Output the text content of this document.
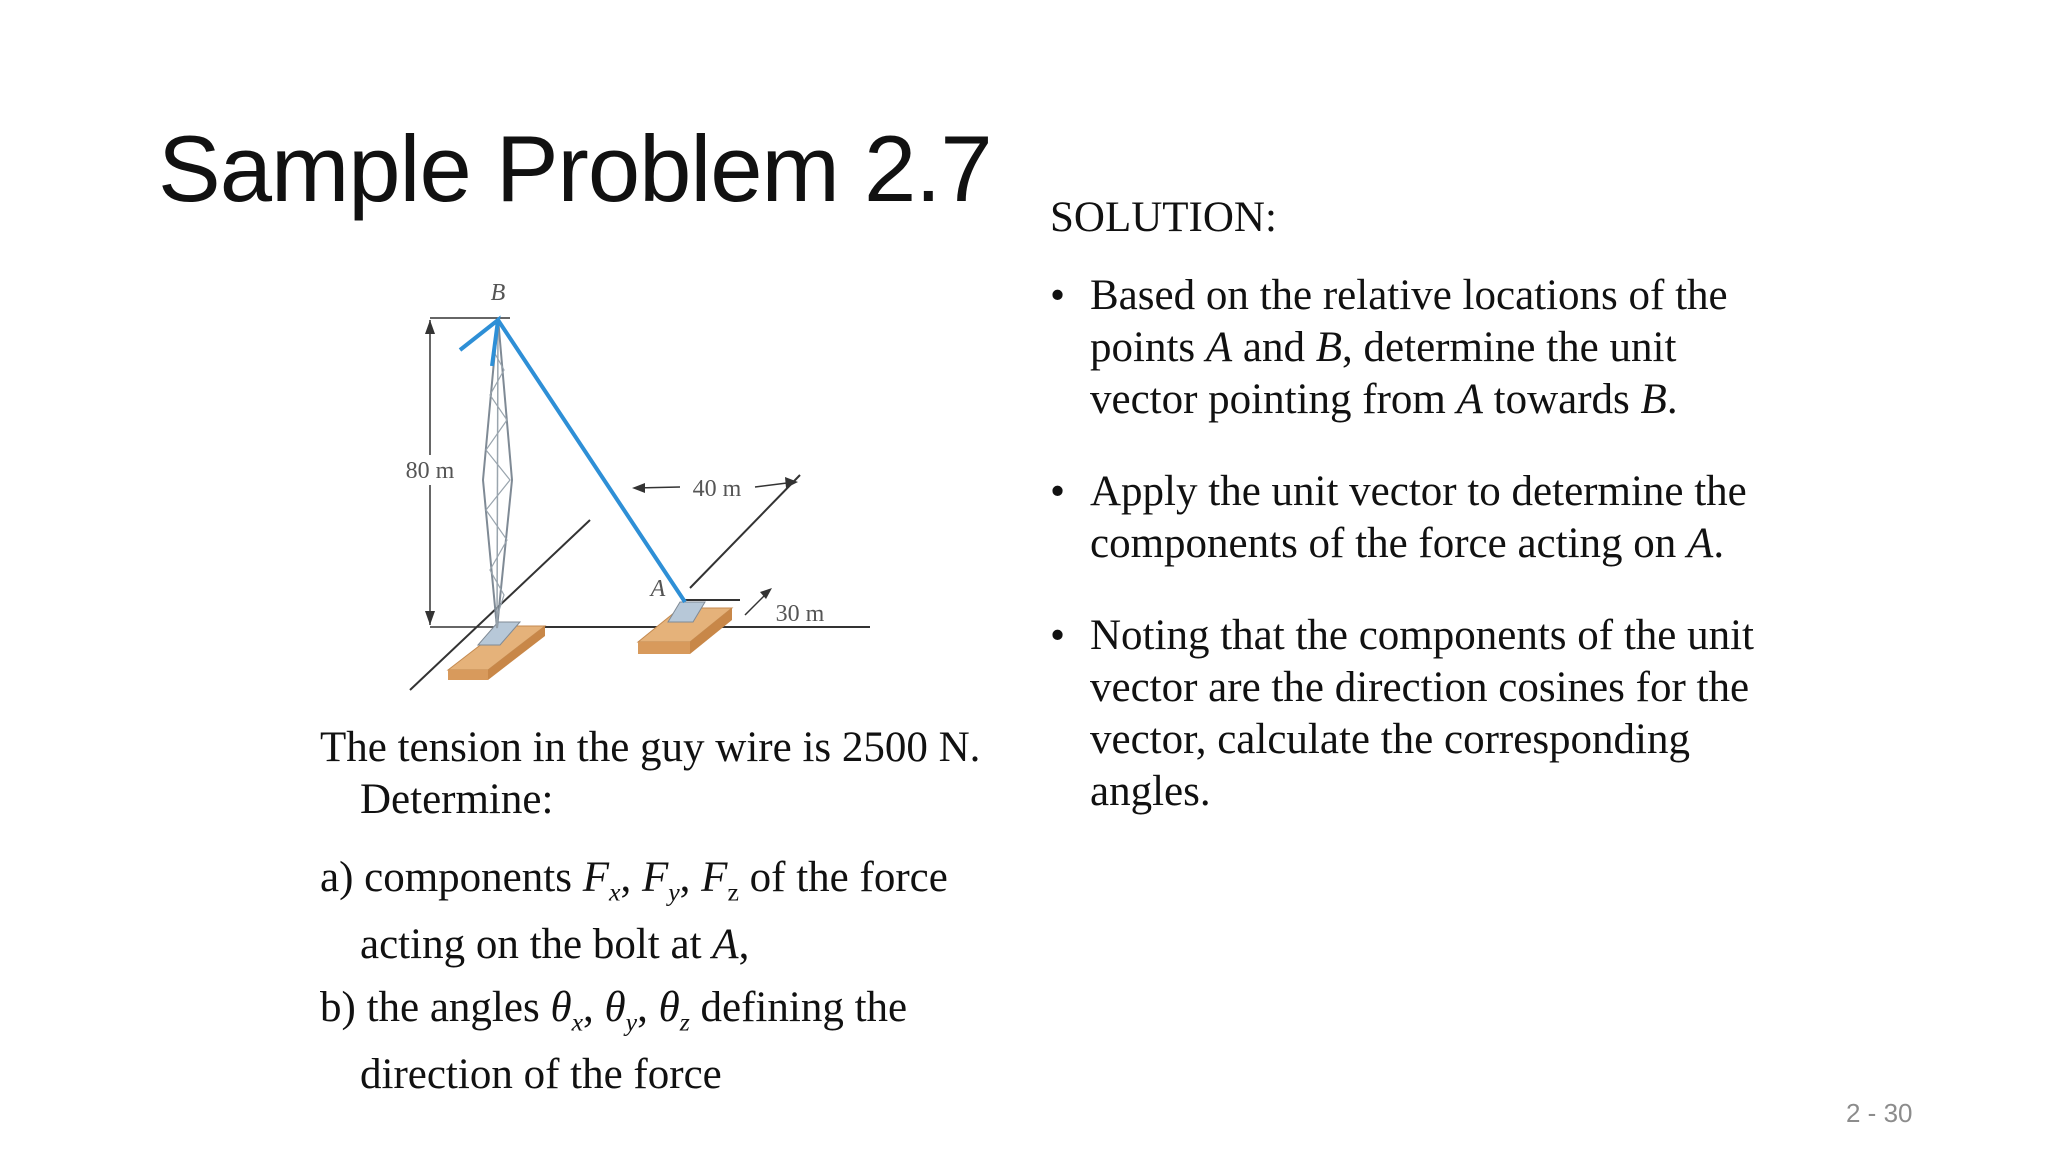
Sample Problem 2.7
80 m
40 m
30 m
B
A

The tension in the guy wire is 2500 N.
Determine:

a) components $F_x$, $F_y$, $F_z$ of the force
acting on the bolt at A,

b) the angles $\theta_x$, $\theta_y$, $\theta_z$ defining the
direction of the force

SOLUTION:
• Based on the relative locations of the
points A and B, determine the unit
vector pointing from A towards B.
• Apply the unit vector to determine the
components of the force acting on A.
• Noting that the components of the unit
vector are the direction cosines for the
vector, calculate the corresponding
angles.
2 - 30
